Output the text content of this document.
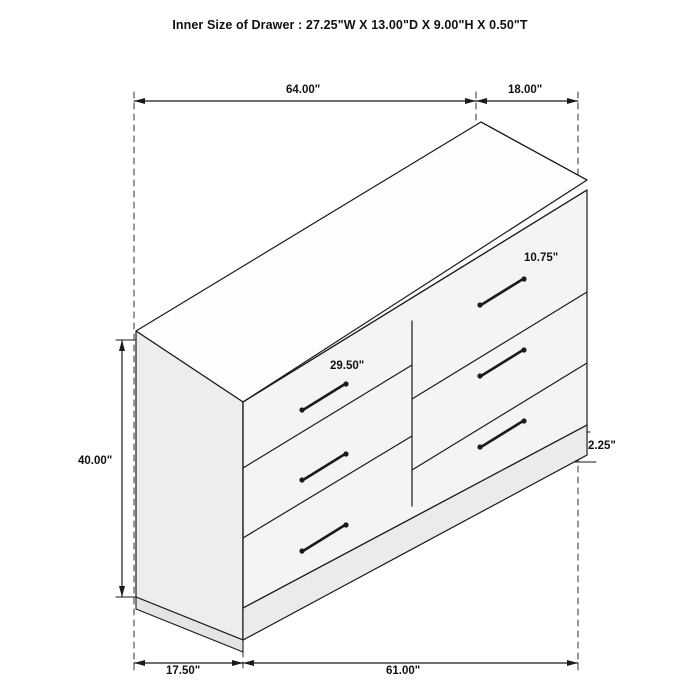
Inner Size of Drawer : 27.25"W X 13.00"D X 9.00"H X 0.50"T
64.00"	18.00"
10.75"
2.25"
40.00"
29.50"
17.50"	61.00"
